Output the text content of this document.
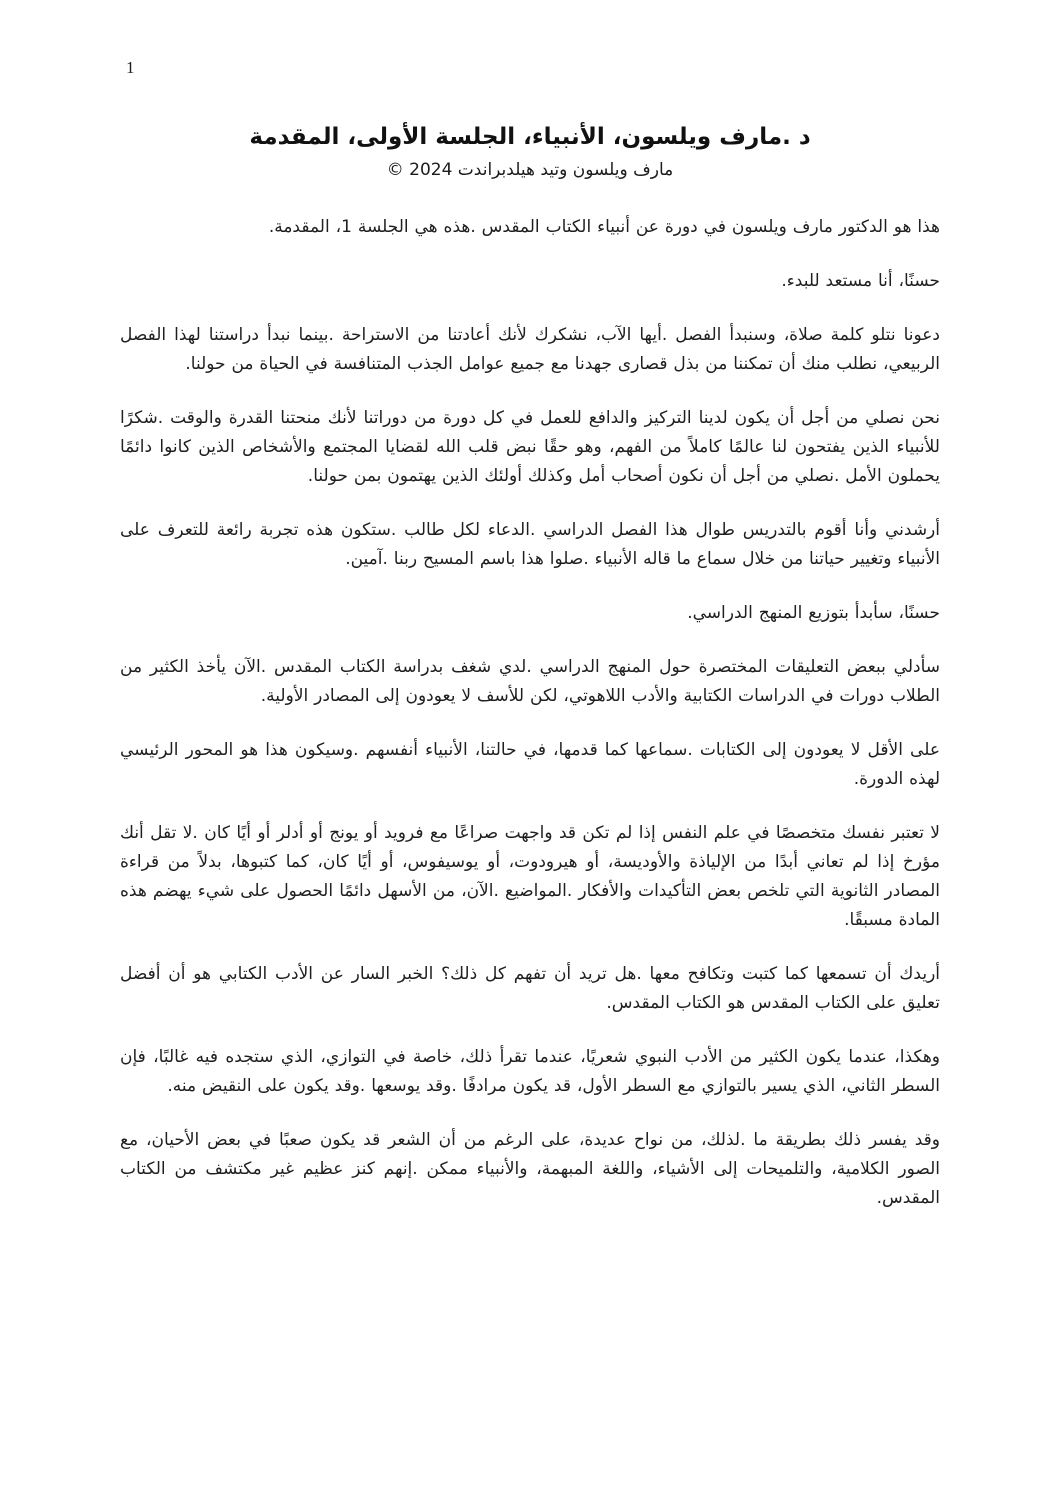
1
د .مارف ويلسون، الأنبياء، الجلسة الأولى، المقدمة
مارف ويلسون وتيد هيلدبراندت 2024 ©

هذا هو الدكتور مارف ويلسون في دورة عن أنبياء الكتاب المقدس .هذه هي الجلسة 1، المقدمة.

حسنًا، أنا مستعد للبدء.

دعونا نتلو كلمة صلاة، وسنبدأ الفصل .أيها الآب، نشكرك لأنك أعادتنا من الاستراحة .بينما نبدأ دراستنا لهذا الفصل الربيعي، نطلب منك أن تمكننا من بذل قصارى جهدنا مع جميع عوامل الجذب المتنافسة في الحياة من حولنا.

نحن نصلي من أجل أن يكون لدينا التركيز والدافع للعمل في كل دورة من دوراتنا لأنك منحتنا القدرة والوقت .شكرًا للأنبياء الذين يفتحون لنا عالمًا كاملاً من الفهم، وهو حقًا نبض قلب الله لقضايا المجتمع والأشخاص الذين كانوا دائمًا يحملون الأمل .نصلي من أجل أن نكون أصحاب أمل وكذلك أولئك الذين يهتمون بمن حولنا.

أرشدني وأنا أقوم بالتدريس طوال هذا الفصل الدراسي .الدعاء لكل طالب .ستكون هذه تجربة رائعة للتعرف على الأنبياء وتغيير حياتنا من خلال سماع ما قاله الأنبياء .صلوا هذا باسم المسيح ربنا .آمين.

حسنًا، سأبدأ بتوزيع المنهج الدراسي.

سأدلي ببعض التعليقات المختصرة حول المنهج الدراسي .لدي شغف بدراسة الكتاب المقدس .الآن يأخذ الكثير من الطلاب دورات في الدراسات الكتابية والأدب اللاهوتي، لكن للأسف لا يعودون إلى المصادر الأولية.

على الأقل لا يعودون إلى الكتابات .سماعها كما قدمها، في حالتنا، الأنبياء أنفسهم .وسيكون هذا هو المحور الرئيسي لهذه الدورة.

لا تعتبر نفسك متخصصًا في علم النفس إذا لم تكن قد واجهت صراعًا مع فرويد أو يونج أو أدلر أو أيًا كان .لا تقل أنك مؤرخ إذا لم تعاني أبدًا من الإلياذة والأوديسة، أو هيرودوت، أو يوسيفوس، أو أيًا كان، كما كتبوها، بدلاً من قراءة المصادر الثانوية التي تلخص بعض التأكيدات والأفكار .المواضيع .الآن، من الأسهل دائمًا الحصول على شيء يهضم هذه المادة مسبقًا.

أريدك أن تسمعها كما كتبت وتكافح معها .هل تريد أن تفهم كل ذلك؟ الخبر السار عن الأدب الكتابي هو أن أفضل تعليق على الكتاب المقدس هو الكتاب المقدس.

وهكذا، عندما يكون الكثير من الأدب النبوي شعريًا، عندما تقرأ ذلك، خاصة في التوازي، الذي ستجده فيه غالبًا، فإن السطر الثاني، الذي يسير بالتوازي مع السطر الأول، قد يكون مرادفًا .وقد يوسعها .وقد يكون على النقيض منه.

وقد يفسر ذلك بطريقة ما .لذلك، من نواح عديدة، على الرغم من أن الشعر قد يكون صعبًا في بعض الأحيان، مع الصور الكلامية، والتلميحات إلى الأشياء، واللغة المبهمة، والأنبياء ممكن .إنهم كنز عظيم غير مكتشف من الكتاب المقدس.
